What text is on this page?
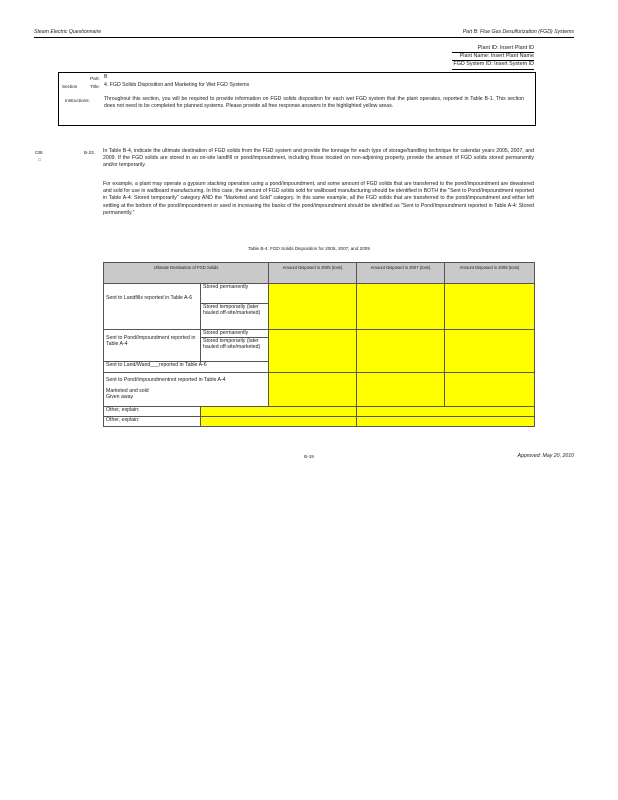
Steam Electric Questionnaire	Part B: Flue Gas Desulfurization (FGD) Systems
Plant ID: Insert Plant ID
Plant Name: Insert Plant Name
FGD System ID: Insert System ID
Part: B
Section	Title: 4. FGD Solids Disposition and Marketing for Wet FGD Systems
Instructions:	Throughout this section, you will be required to provide information on FGD solids disposition for each wet FGD system that the plant operates, reported in Table B-1. This section does not need to be completed for planned systems. Please provide all free response answers in the highlighted yellow areas.
CBI
□
B-23. In Table B-4, indicate the ultimate destination of FGD solids from the FGD system and provide the tonnage for each type of storage/handling technique for calendar years 2005, 2007, and 2009. If the FGD solids are stored in an on-site landfill or pond/impoundment, including those located on non-adjoining property, provide the amount of FGD solids stored permanently and/or temporarily.
For example, a plant may operate a gypsum stacking operation using a pond/impoundment, and some amount of FGD solids that are transferred to the pond/impoundment are dewatered and sold for use in wallboard manufacturing. In this case, the amount of FGD solids sold for wallboard manufacturing should be identified in BOTH the "Sent to Pond/Impoundment reported in Table A-4: Stored temporarily" category AND the "Marketed and Sold" category. In this same example, all the FGD solids that are transferred to the pond/impoundment and either left settling at the bottom of the pond/impoundment or used in increasing the banks of the pond/impoundment should be identified as "Sent to Pond/Impoundment reported in Table A-4: Stored permanently."
Table B-4. FGD Solids Disposition for 2005, 2007, and 2009
Ultimate Destination of FGD Solids		Amount Disposed in 2005 (tons)	Amount Disposed in 2007 (tons)	Amount Disposed in 2009 (tons)
Sent to Landfills reported in Table A-6	Stored permanently			
	Stored temporarily (later hauled off-site/marketed)			
Sent to Pond/Impoundment reported in Table A-4	Stored permanently			
	Stored temporarily (later hauled off-site/marketed)			
Sent to Land/Wand___reported in Table A-6				

Sent to Pond/Impoundmentnot reported in Table A-4
Marketed and sold
Given away				

Other, explain:				
Other, explain:				
B-19	Approved: May 20, 2010
